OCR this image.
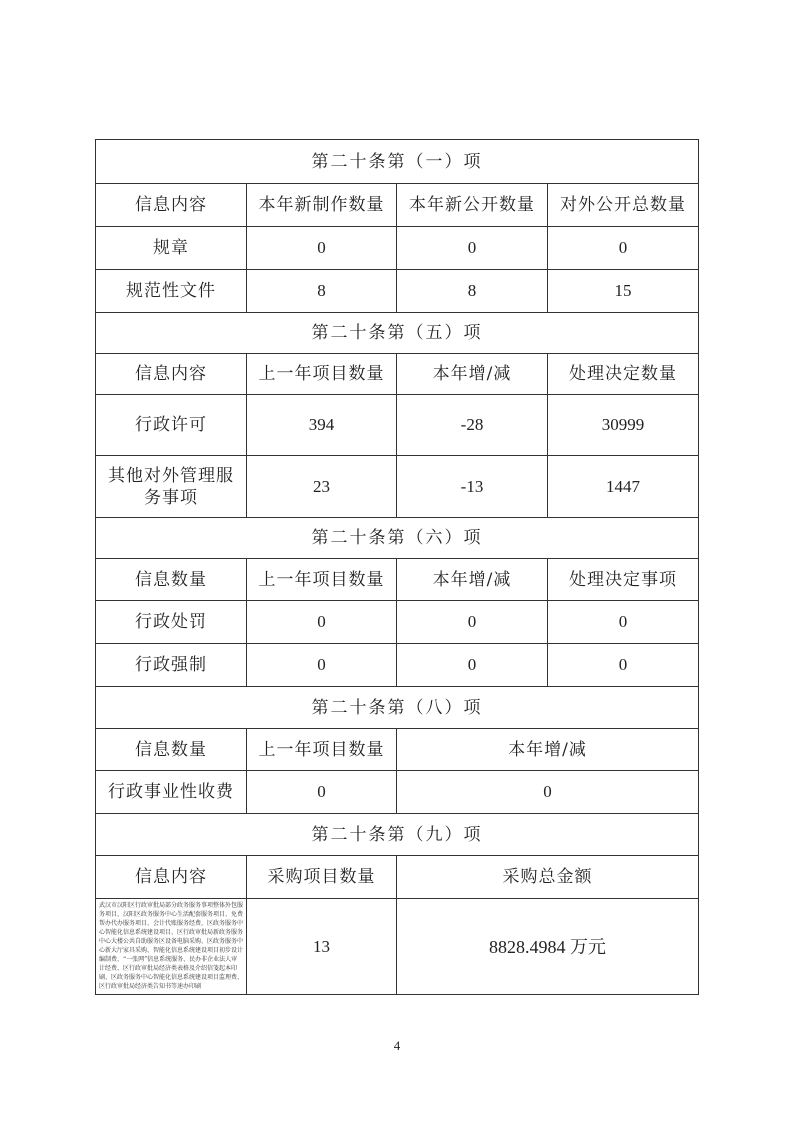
第二十条第（一）项			
信息内容	本年新制作数量	本年新公开数量	对外公开总数量
规章	0	0	0
规范性文件	8	8	15
第二十条第（五）项			
信息内容	上一年项目数量	本年增/减	处理决定数量
行政许可	394	-28	30999
其他对外管理服务事项	23	-13	1447
第二十条第（六）项			
信息数量	上一年项目数量	本年增/减	处理决定事项
行政处罚	0	0	0
行政强制	0	0	0
第二十条第（八）项			
信息数量	上一年项目数量	本年增/减	
行政事业性收费	0	0	
第二十条第（九）项			
信息内容	采购项目数量	采购总金额	
武汉市汉阳区行政审批局部分政务服务事项整体外包服务项目、汉阳区政务服务中心生活配套服务项目、免费帮办代办服务项目、会计代账服务经费、区政务服务中心智能化信息系统建设项目、区行政审批局新政务服务中心大楼公共自助服务区设备电脑采购、区政务服务中心新大厅家具采购、智能化信息系统建设项目初步设计编制费、“一张网”信息系统服务、民办非企业法人审计经费、区行政审批局经济类表格及介绍信笺起本印刷、区政务服务中心智能化信息系统建设项目监理费、区行政审批局经济类告知书等速办印刷	13	8828.4984 万元	
4
